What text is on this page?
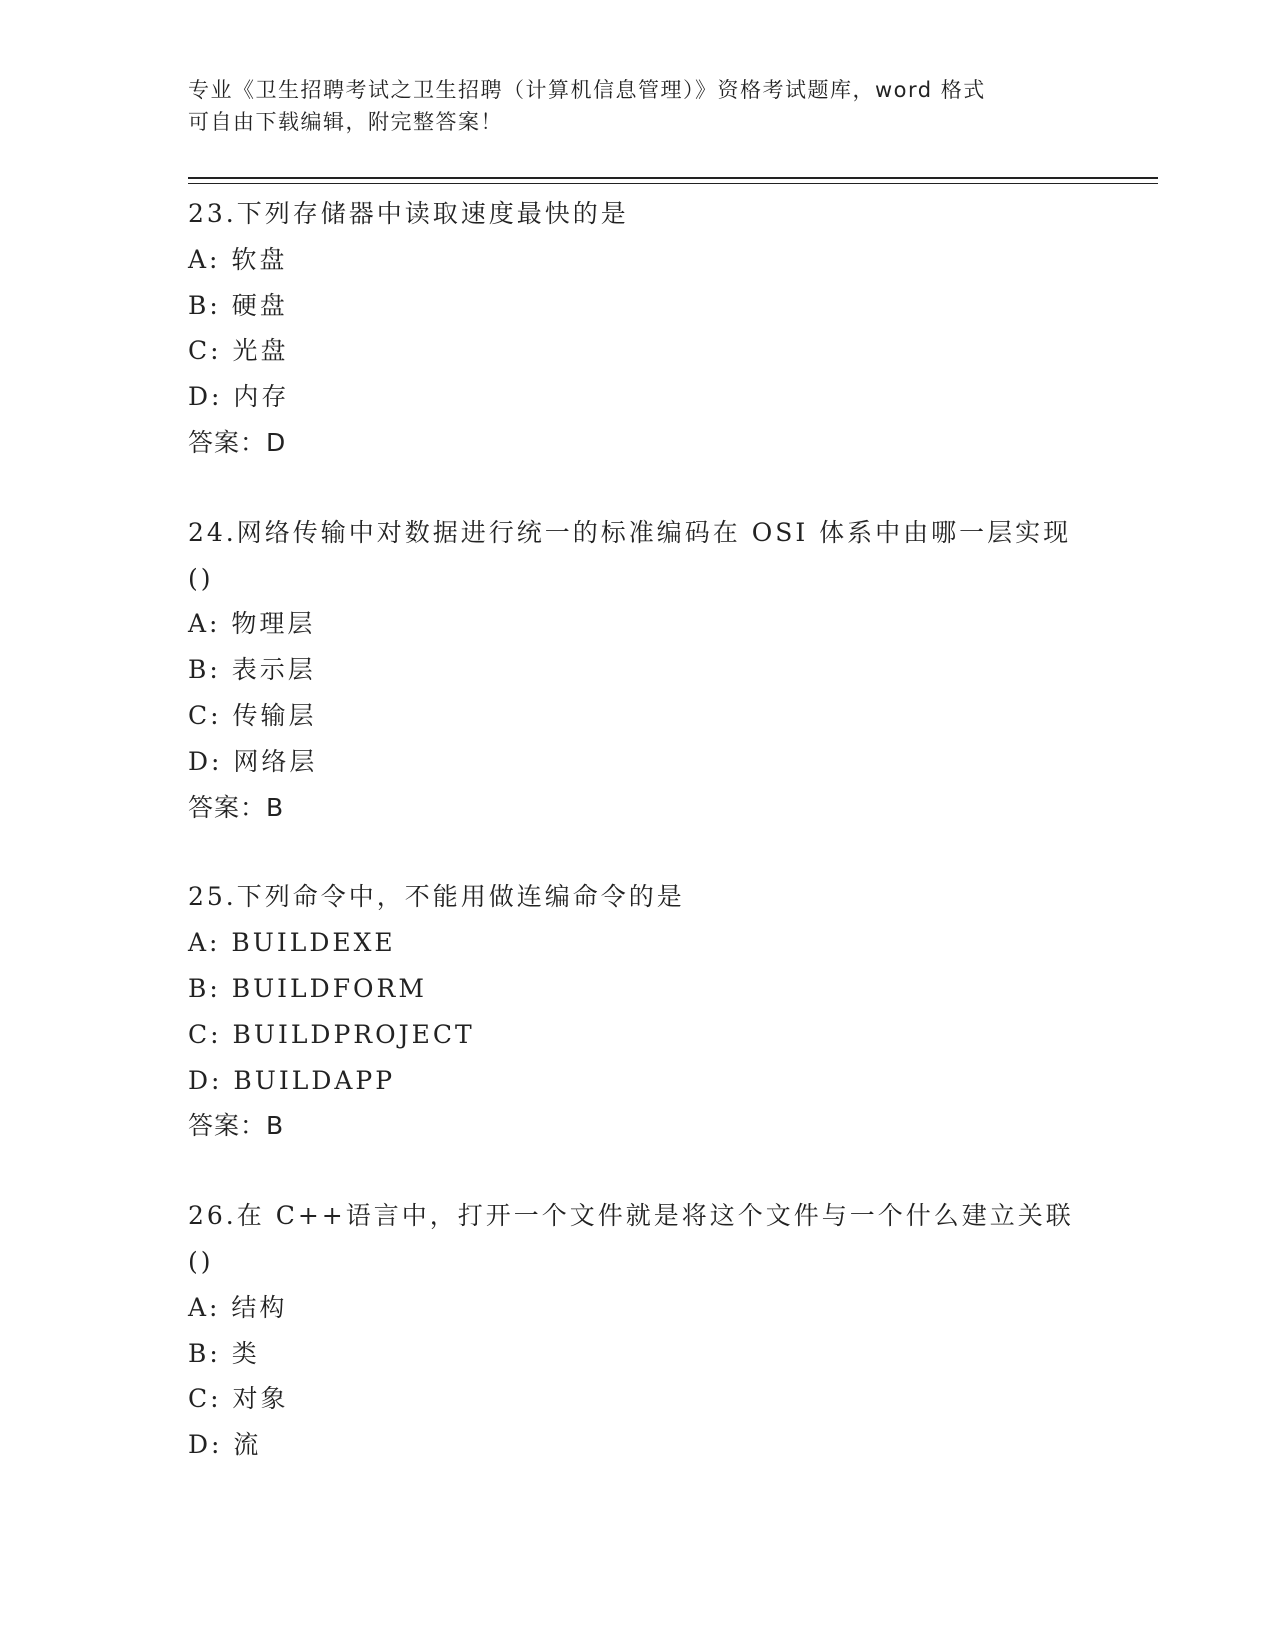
专业《卫生招聘考试之卫生招聘（计算机信息管理）》资格考试题库，word 格式
可自由下载编辑，附完整答案！

23.下列存储器中读取速度最快的是

A: 软盘

B: 硬盘

C: 光盘

D: 内存

答案：D

24.网络传输中对数据进行统一的标准编码在 OSI 体系中由哪一层实现

()

A: 物理层

B: 表示层

C: 传输层

D: 网络层

答案：B

25.下列命令中，不能用做连编命令的是

A: BUILDEXE

B: BUILDFORM

C: BUILDPROJECT

D: BUILDAPP

答案：B

26.在 C++语言中，打开一个文件就是将这个文件与一个什么建立关联

()

A: 结构

B: 类

C: 对象

D: 流
